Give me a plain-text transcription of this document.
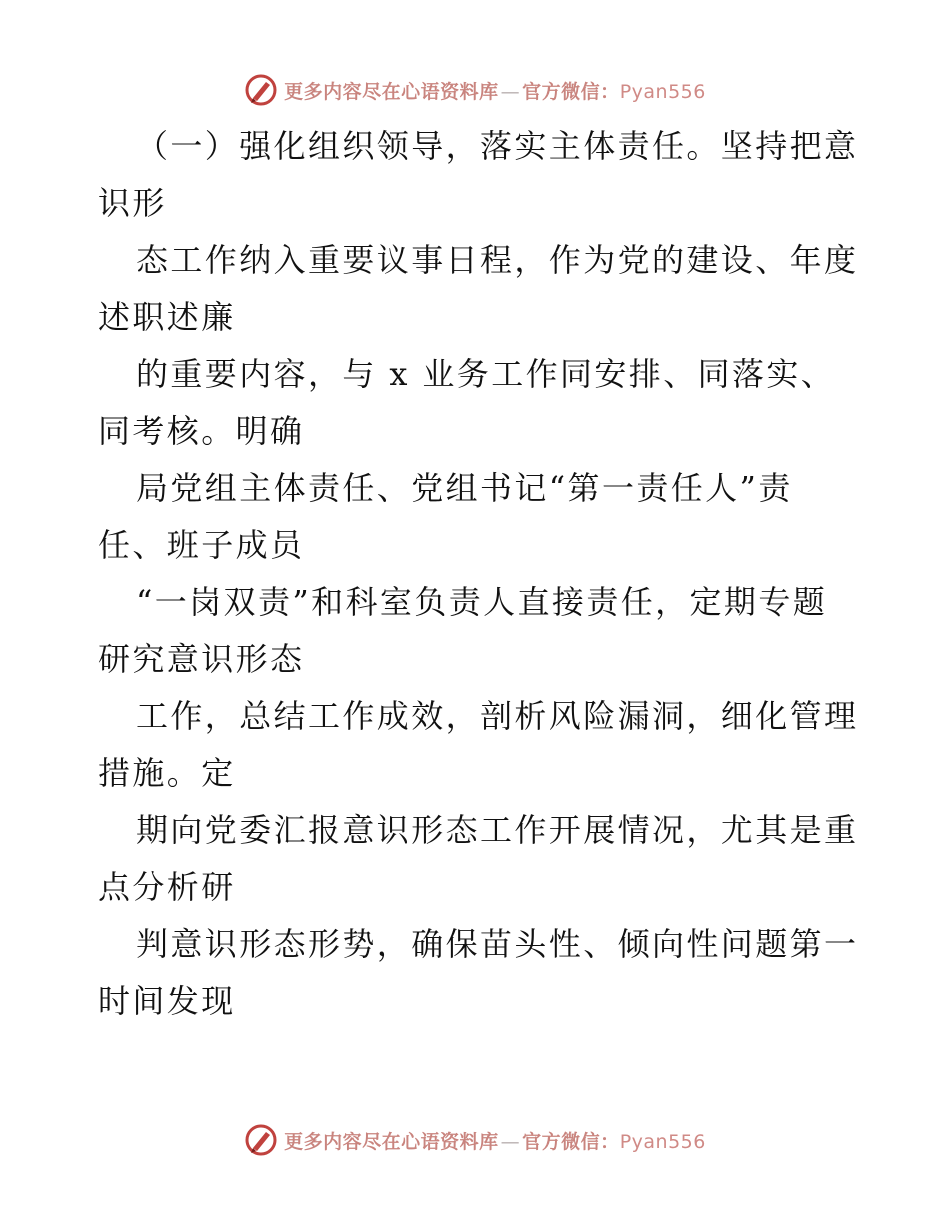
更多内容尽在心语资料库 — 官方微信：Pyan556
（一）强化组织领导，落实主体责任。坚持把意
识形
态工作纳入重要议事日程，作为党的建设、年度
述职述廉
的重要内容，与 x 业务工作同安排、同落实、
同考核。明确
局党组主体责任、党组书记“第一责任人”责
任、班子成员
“一岗双责”和科室负责人直接责任，定期专题
研究意识形态
工作，总结工作成效，剖析风险漏洞，细化管理
措施。定
期向党委汇报意识形态工作开展情况，尤其是重
点分析研
判意识形态形势，确保苗头性、倾向性问题第一
时间发现
更多内容尽在心语资料库 — 官方微信：Pyan556
